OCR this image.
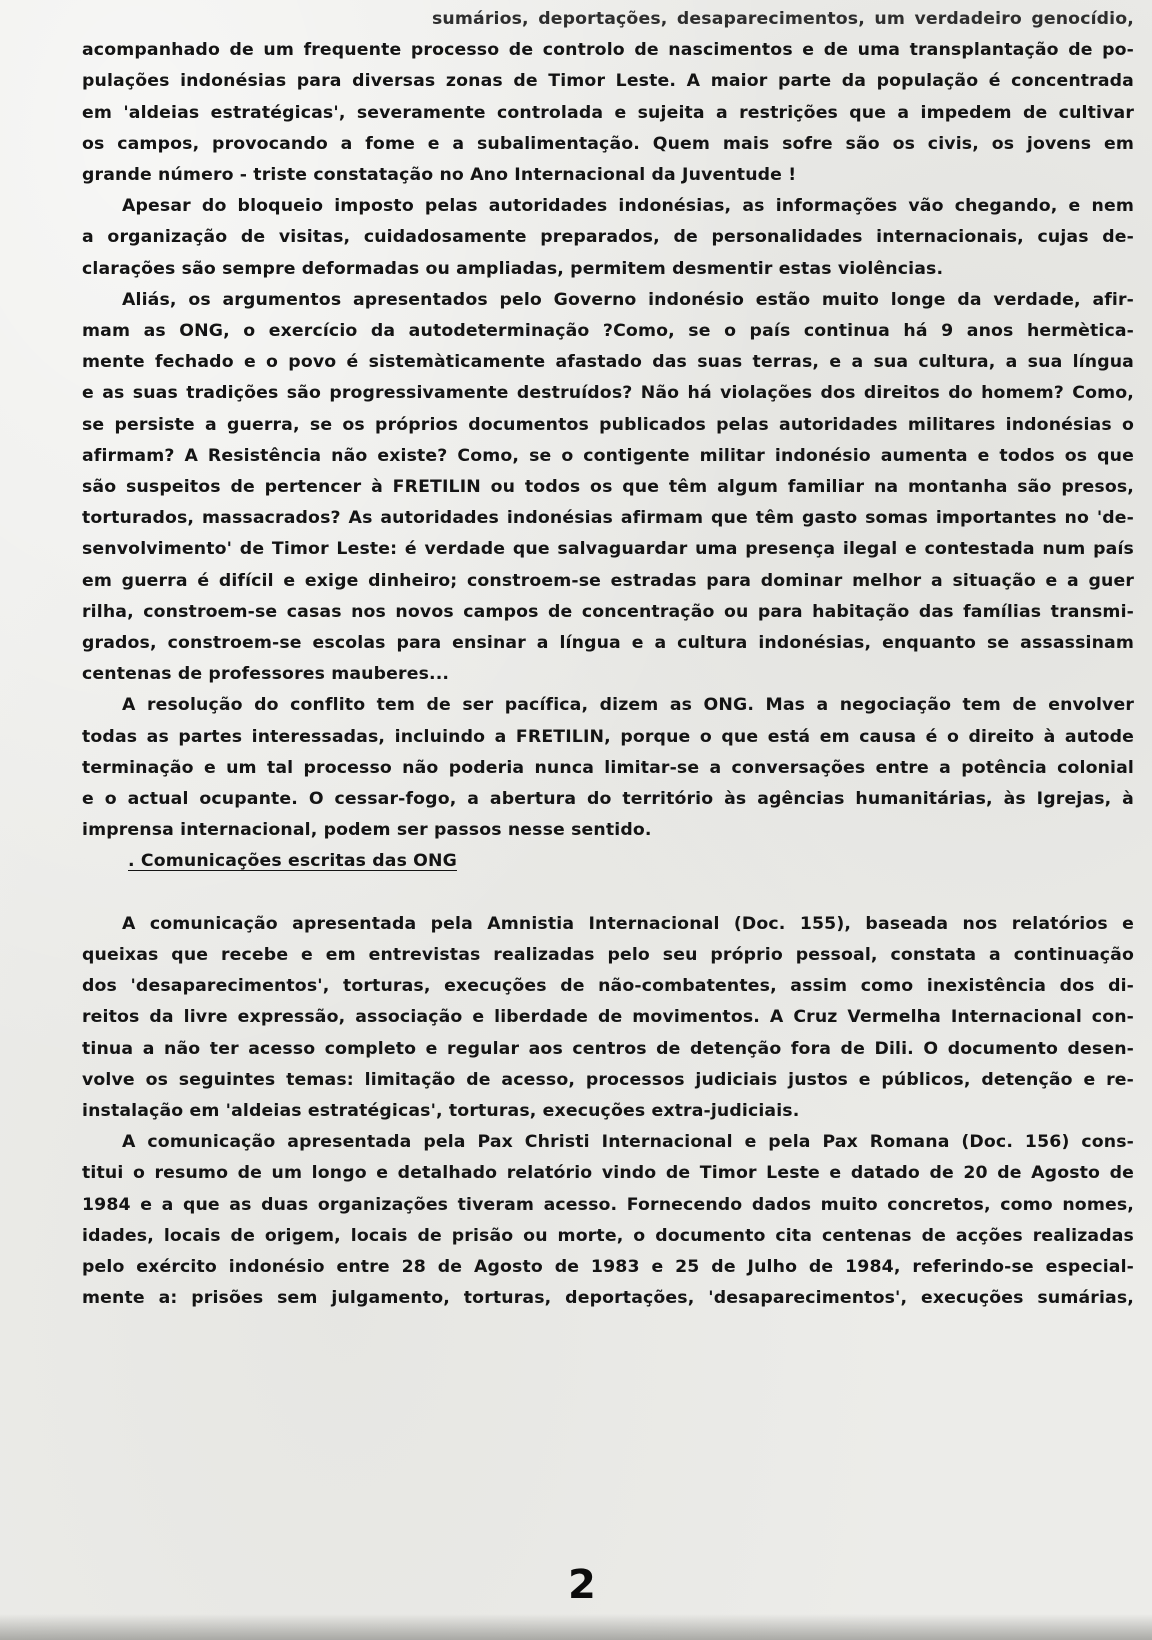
sumários, deportações, desaparecimentos, um verdadeiro genocídio,

acompanhado de um frequente processo de controlo de nascimentos e de uma transplantação de po-

pulações indonésias para diversas zonas de Timor Leste. A maior parte da população é concentrada

em 'aldeias estratégicas', severamente controlada e sujeita a restrições que a impedem de cultivar

os campos, provocando a fome e a subalimentação. Quem mais sofre são os civis, os jovens em

grande número - triste constatação no Ano Internacional da Juventude !

Apesar do bloqueio imposto pelas autoridades indonésias, as informações vão chegando, e nem

a organização de visitas, cuidadosamente preparados, de personalidades internacionais, cujas de-

clarações são sempre deformadas ou ampliadas, permitem desmentir estas violências.

Aliás, os argumentos apresentados pelo Governo indonésio estão muito longe da verdade, afir-

mam as ONG, o exercício da autodeterminação ?Como, se o país continua há 9 anos hermètica-

mente fechado e o povo é sistemàticamente afastado das suas terras, e a sua cultura, a sua língua

e as suas tradições são progressivamente destruídos? Não há violações dos direitos do homem? Como,

se persiste a guerra, se os próprios documentos publicados pelas autoridades militares indonésias o

afirmam? A Resistência não existe? Como, se o contigente militar indonésio aumenta e todos os que

são suspeitos de pertencer à FRETILIN ou todos os que têm algum familiar na montanha são presos,

torturados, massacrados? As autoridades indonésias afirmam que têm gasto somas importantes no 'de-

senvolvimento' de Timor Leste: é verdade que salvaguardar uma presença ilegal e contestada num país

em guerra é difícil e exige dinheiro; constroem-se estradas para dominar melhor a situação e a guer

rilha, constroem-se casas nos novos campos de concentração ou para habitação das famílias transmi-

grados, constroem-se escolas para ensinar a língua e a cultura indonésias, enquanto se assassinam

centenas de professores mauberes...

A resolução do conflito tem de ser pacífica, dizem as ONG. Mas a negociação tem de envolver

todas as partes interessadas, incluindo a FRETILIN, porque o que está em causa é o direito à autode

terminação e um tal processo não poderia nunca limitar-se a conversações entre a potência colonial

e o actual ocupante. O cessar-fogo, a abertura do território às agências humanitárias, às Igrejas, à

imprensa internacional, podem ser passos nesse sentido.

. Comunicações escritas das ONG

A comunicação apresentada pela Amnistia Internacional (Doc. 155), baseada nos relatórios e

queixas que recebe e em entrevistas realizadas pelo seu próprio pessoal, constata a continuação

dos 'desaparecimentos', torturas, execuções de não-combatentes, assim como inexistência dos di-

reitos da livre expressão, associação e liberdade de movimentos. A Cruz Vermelha Internacional con-

tinua a não ter acesso completo e regular aos centros de detenção fora de Dili. O documento desen-

volve os seguintes temas: limitação de acesso, processos judiciais justos e públicos, detenção e re-

instalação em 'aldeias estratégicas', torturas, execuções extra-judiciais.

A comunicação apresentada pela Pax Christi Internacional e pela Pax Romana (Doc. 156) cons-

titui o resumo de um longo e detalhado relatório vindo de Timor Leste e datado de 20 de Agosto de

1984 e a que as duas organizações tiveram acesso. Fornecendo dados muito concretos, como nomes,

idades, locais de origem, locais de prisão ou morte, o documento cita centenas de acções realizadas

pelo exército indonésio entre 28 de Agosto de 1983 e 25 de Julho de 1984, referindo-se especial-

mente a: prisões sem julgamento, torturas, deportações, 'desaparecimentos', execuções sumárias,

2
